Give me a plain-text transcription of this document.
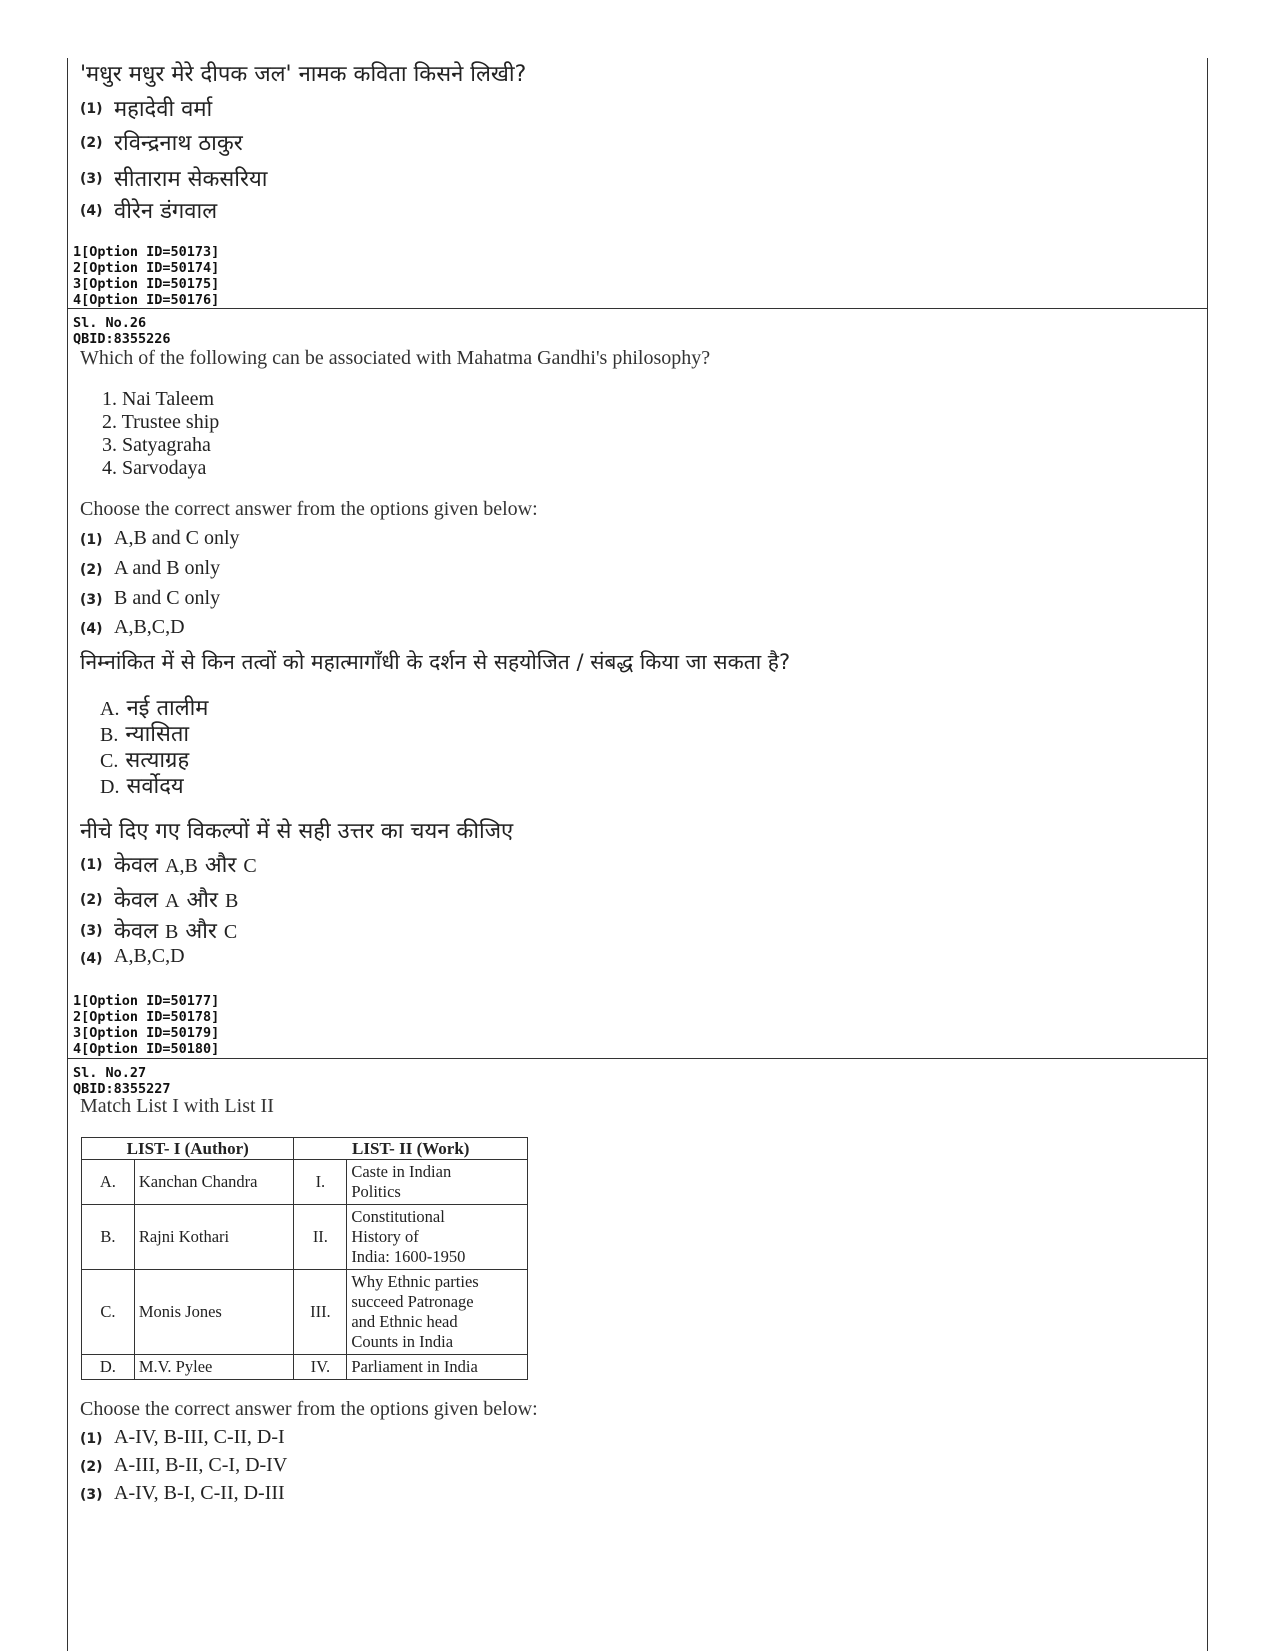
'मधुर मधुर मेरे दीपक जल' नामक कविता किसने लिखी?
(1) महादेवी वर्मा
(2) रविन्द्रनाथ ठाकुर
(3) सीताराम सेकसरिया
(4) वीरेन डंगवाल
1[Option ID=50173]
2[Option ID=50174]
3[Option ID=50175]
4[Option ID=50176]
Sl. No.26
QBID:8355226
Which of the following can be associated with Mahatma Gandhi's philosophy?
1. Nai Taleem
2. Trustee ship
3. Satyagraha
4. Sarvodaya
Choose the correct answer from the options given below:
(1) A,B and C only
(2) A and B only
(3) B and C only
(4) A,B,C,D
निम्नांकित में से किन तत्वों को महात्मागाँधी के दर्शन से सहयोजित / संबद्ध किया जा सकता है?
A. नई तालीम
B. न्यासिता
C. सत्याग्रह
D. सर्वोदय
नीचे दिए गए विकल्पों में से सही उत्तर का चयन कीजिए
(1) केवल A,B और C
(2) केवल A और B
(3) केवल B और C
(4) A,B,C,D
1[Option ID=50177]
2[Option ID=50178]
3[Option ID=50179]
4[Option ID=50180]
Sl. No.27
QBID:8355227
Match List I with List II
LIST- I (Author)		LIST- II (Work)	
A.	Kanchan Chandra	I.	Caste in Indian
Politics

B.	Rajni Kothari	II.	Constitutional
History of
India: 1600-1950

C.	Monis Jones	III.	Why Ethnic parties
succeed Patronage
and Ethnic head
Counts in India

D.	M.V. Pylee	IV.	Parliament in India
Choose the correct answer from the options given below:
(1) A-IV, B-III, C-II, D-I
(2) A-III, B-II, C-I, D-IV
(3) A-IV, B-I, C-II, D-III
